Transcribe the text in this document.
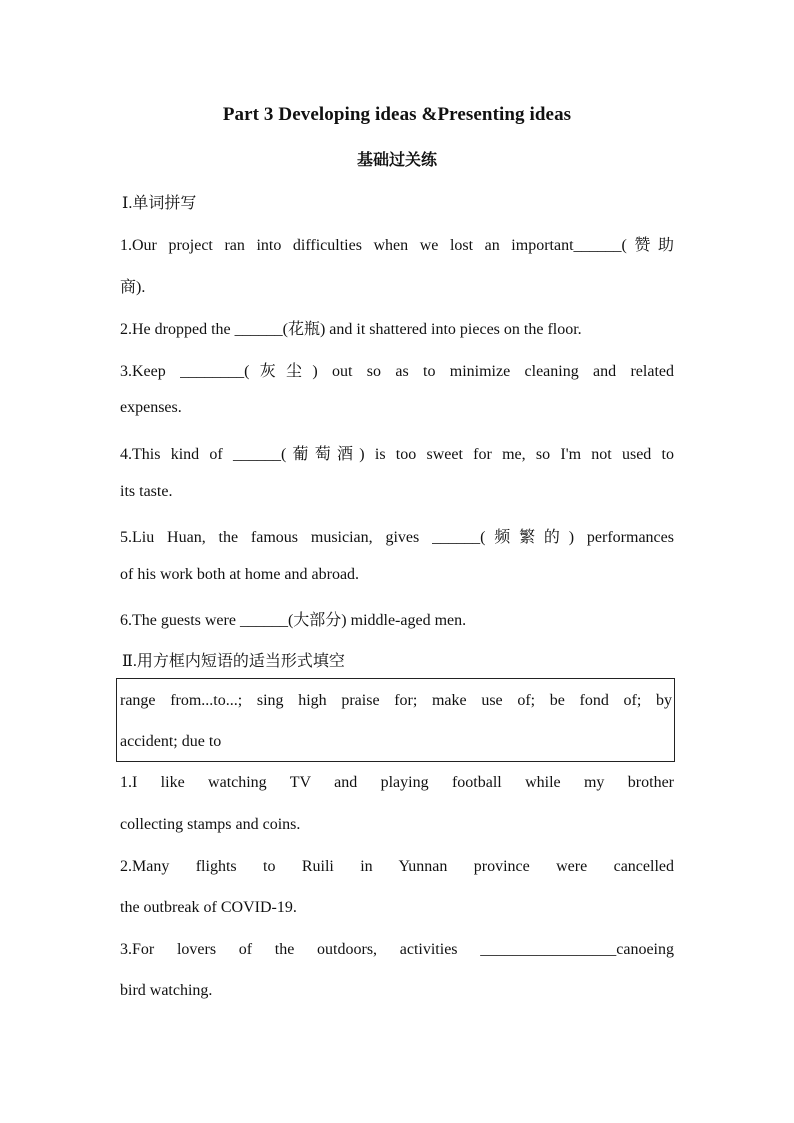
Part 3 Developing ideas &Presenting ideas
基础过关练
Ⅰ.单词拼写
1.Our project ran into difficulties when we lost an important______(赞助
商).
2.He dropped the ______(花瓶) and it shattered into pieces on the floor.
3.Keep ________(灰尘) out so as to minimize cleaning and related
expenses.
4.This kind of ______(葡萄酒) is too sweet for me, so I'm not used to
its taste.
5.Liu Huan, the famous musician, gives ______(频繁的) performances
of his work both at home and abroad.
6.The guests were ______(大部分) middle-aged men.
Ⅱ.用方框内短语的适当形式填空
range from...to...; sing high praise for; make use of; be fond of; by
accident; due to
1.I like watching TV and playing football while my brother
collecting stamps and coins.
2.Many flights to Ruili in Yunnan province were cancelled
the outbreak of COVID-19.
3.For lovers of the outdoors, activities _________________canoeing
bird watching.
